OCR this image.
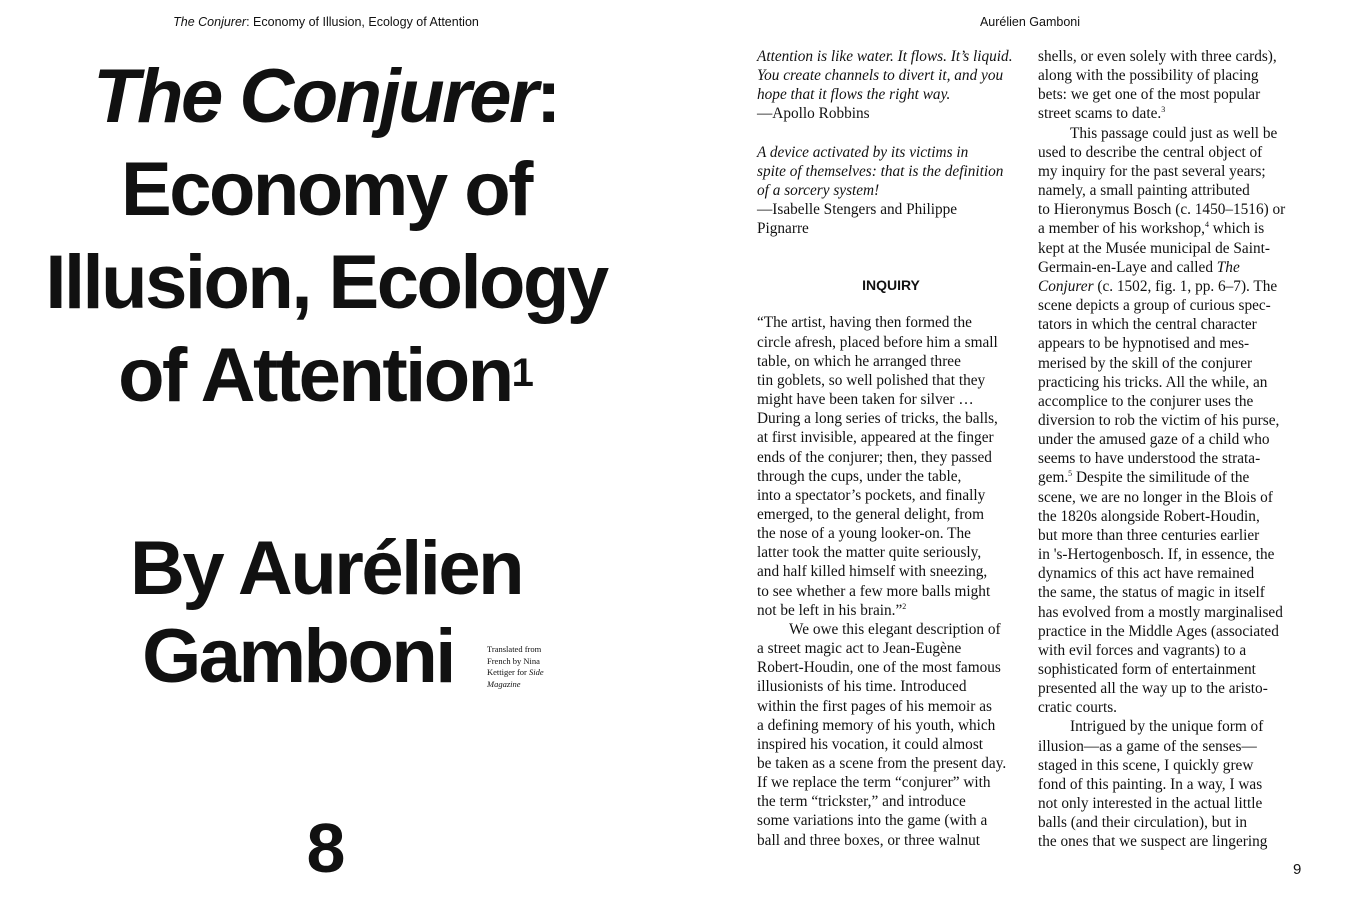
The Conjurer: Economy of Illusion, Ecology of Attention
The Conjurer:
Economy of
Illusion, Ecology
of Attention$^1$
By Aurélien
Gamboni	Translated from
French by Nina
Kettiger for Side
Magazine
8
Aurélien Gamboni

Attention is like water. It flows. It’s liquid.

You create channels to divert it, and you

hope that it flows the right way.

—Apollo Robbins

A device activated by its victims in

spite of themselves: that is the definition

of a sorcery system!

—Isabelle Stengers and Philippe

Pignarre

INQUIRY

“The artist, having then formed the

circle afresh, placed before him a small

table, on which he arranged three

tin goblets, so well polished that they

might have been taken for silver …

During a long series of tricks, the balls,

at first invisible, appeared at the finger

ends of the conjurer; then, they passed

through the cups, under the table,

into a spectator’s pockets, and finally

emerged, to the general delight, from

the nose of a young looker-on. The

latter took the matter quite seriously,

and half killed himself with sneezing,

to see whether a few more balls might

not be left in his brain.”$^2$

We owe this elegant description of

a street magic act to Jean-Eugène

Robert-Houdin, one of the most famous

illusionists of his time. Introduced

within the first pages of his memoir as

a defining memory of his youth, which

inspired his vocation, it could almost

be taken as a scene from the present day.

If we replace the term “conjurer” with

the term “trickster,” and introduce

some variations into the game (with a

ball and three boxes, or three walnut

shells, or even solely with three cards),

along with the possibility of placing

bets: we get one of the most popular

street scams to date.$^3$

This passage could just as well be

used to describe the central object of

my inquiry for the past several years;

namely, a small painting attributed

to Hieronymus Bosch (c. 1450–1516) or

a member of his workshop,$^4$ which is

kept at the Musée municipal de Saint-

Germain-en-Laye and called The

Conjurer (c. 1502, fig. 1, pp. 6–7). The

scene depicts a group of curious spec-

tators in which the central character

appears to be hypnotised and mes-

merised by the skill of the conjurer

practicing his tricks. All the while, an

accomplice to the conjurer uses the

diversion to rob the victim of his purse,

under the amused gaze of a child who

seems to have understood the strata-

gem.$^5$ Despite the similitude of the

scene, we are no longer in the Blois of

the 1820s alongside Robert-Houdin,

but more than three centuries earlier

in 's-Hertogenbosch. If, in essence, the

dynamics of this act have remained

the same, the status of magic in itself

has evolved from a mostly marginalised

practice in the Middle Ages (associated

with evil forces and vagrants) to a

sophisticated form of entertainment

presented all the way up to the aristo-

cratic courts.

Intrigued by the unique form of

illusion—as a game of the senses—

staged in this scene, I quickly grew

fond of this painting. In a way, I was

not only interested in the actual little

balls (and their circulation), but in

the ones that we suspect are lingering

9
